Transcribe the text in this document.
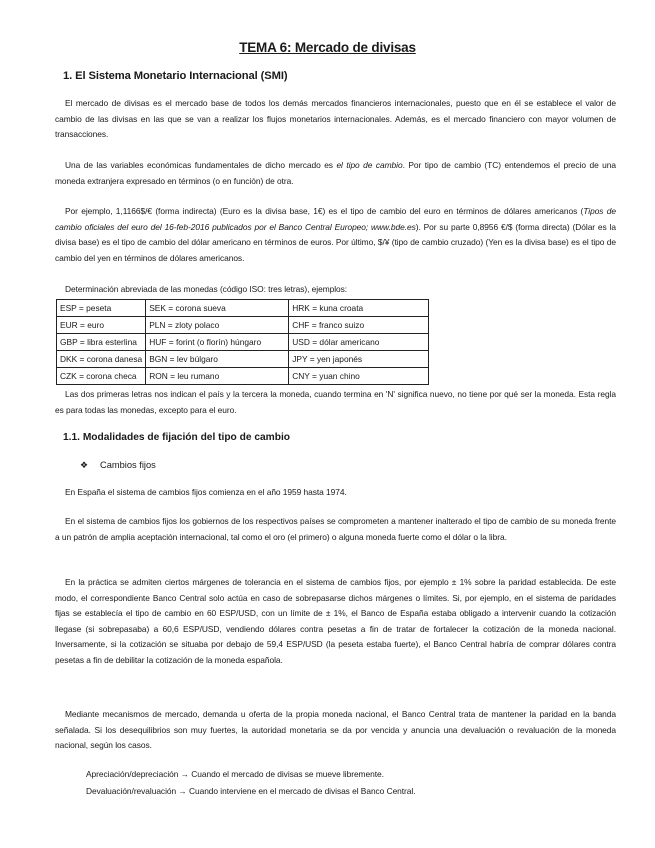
TEMA 6: Mercado de divisas
1. El Sistema Monetario Internacional (SMI)
El mercado de divisas es el mercado base de todos los demás mercados financieros internacionales, puesto que en él se establece el valor de cambio de las divisas en las que se van a realizar los flujos monetarios internacionales. Además, es el mercado financiero con mayor volumen de transacciones.
Una de las variables económicas fundamentales de dicho mercado es el tipo de cambio. Por tipo de cambio (TC) entendemos el precio de una moneda extranjera expresado en términos (o en función) de otra.
Por ejemplo, 1,1166$/€ (forma indirecta) (Euro es la divisa base, 1€) es el tipo de cambio del euro en términos de dólares americanos (Tipos de cambio oficiales del euro del 16-feb-2016 publicados por el Banco Central Europeo; www.bde.es). Por su parte 0,8956 €/$ (forma directa) (Dólar es la divisa base) es el tipo de cambio del dólar americano en términos de euros. Por último, $/¥ (tipo de cambio cruzado) (Yen es la divisa base) es el tipo de cambio del yen en términos de dólares americanos.
Determinación abreviada de las monedas (código ISO: tres letras), ejemplos:
ESP = peseta	SEK = corona sueva	HRK = kuna croata
EUR = euro	PLN = zloty polaco	CHF = franco suizo
GBP = libra esterlina	HUF = forint (o florín) húngaro	USD = dólar americano
DKK = corona danesa	BGN = lev búlgaro	JPY = yen japonés
CZK = corona checa	RON = leu rumano	CNY = yuan chino
Las dos primeras letras nos indican el país y la tercera la moneda, cuando termina en 'N' significa nuevo, no tiene por qué ser la moneda. Esta regla es para todas las monedas, excepto para el euro.
1.1. Modalidades de fijación del tipo de cambio
❖ Cambios fijos
En España el sistema de cambios fijos comienza en el año 1959 hasta 1974.
En el sistema de cambios fijos los gobiernos de los respectivos países se comprometen a mantener inalterado el tipo de cambio de su moneda frente a un patrón de amplia aceptación internacional, tal como el oro (el primero) o alguna moneda fuerte como el dólar o la libra.
En la práctica se admiten ciertos márgenes de tolerancia en el sistema de cambios fijos, por ejemplo ± 1% sobre la paridad establecida. De este modo, el correspondiente Banco Central solo actúa en caso de sobrepasarse dichos márgenes o límites. Si, por ejemplo, en el sistema de paridades fijas se establecía el tipo de cambio en 60 ESP/USD, con un límite de ± 1%, el Banco de España estaba obligado a intervenir cuando la cotización llegase (si sobrepasaba) a 60,6 ESP/USD, vendiendo dólares contra pesetas a fin de tratar de fortalecer la cotización de la moneda nacional. Inversamente, si la cotización se situaba por debajo de 59,4 ESP/USD (la peseta estaba fuerte), el Banco Central habría de comprar dólares contra pesetas a fin de debilitar la cotización de la moneda española.
Mediante mecanismos de mercado, demanda u oferta de la propia moneda nacional, el Banco Central trata de mantener la paridad en la banda señalada. Si los desequilibrios son muy fuertes, la autoridad monetaria se da por vencida y anuncia una devaluación o revaluación de la moneda nacional, según los casos.
Apreciación/depreciación → Cuando el mercado de divisas se mueve libremente.
Devaluación/revaluación → Cuando interviene en el mercado de divisas el Banco Central.
